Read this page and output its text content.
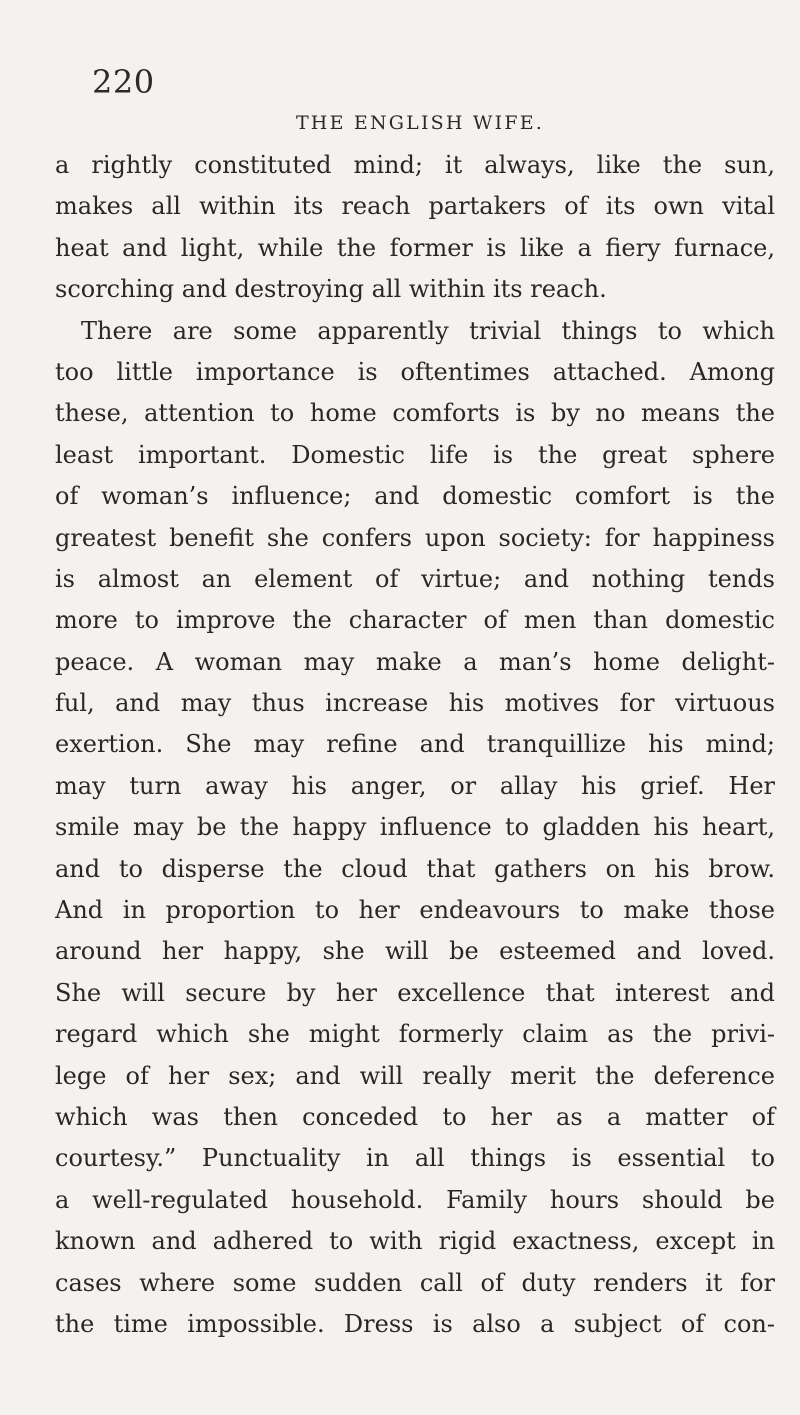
220
THE ENGLISH WIFE.
a rightly constituted mind; it always, like the sun,
makes all within its reach partakers of its own vital
heat and light, while the former is like a fiery furnace,
scorching and destroying all within its reach.
There are some apparently trivial things to which
too little importance is oftentimes attached. Among
these, attention to home comforts is by no means the
least important. Domestic life is the great sphere
of woman’s influence; and domestic comfort is the
greatest benefit she confers upon society: for happiness
is almost an element of virtue; and nothing tends
more to improve the character of men than domestic
peace. A woman may make a man’s home delight-
ful, and may thus increase his motives for virtuous
exertion. She may refine and tranquillize his mind;
may turn away his anger, or allay his grief. Her
smile may be the happy influence to gladden his heart,
and to disperse the cloud that gathers on his brow.
And in proportion to her endeavours to make those
around her happy, she will be esteemed and loved.
She will secure by her excellence that interest and
regard which she might formerly claim as the privi-
lege of her sex; and will really merit the deference
which was then conceded to her as a matter of
courtesy.” Punctuality in all things is essential to
a well-regulated household. Family hours should be
known and adhered to with rigid exactness, except in
cases where some sudden call of duty renders it for
the time impossible. Dress is also a subject of con-
